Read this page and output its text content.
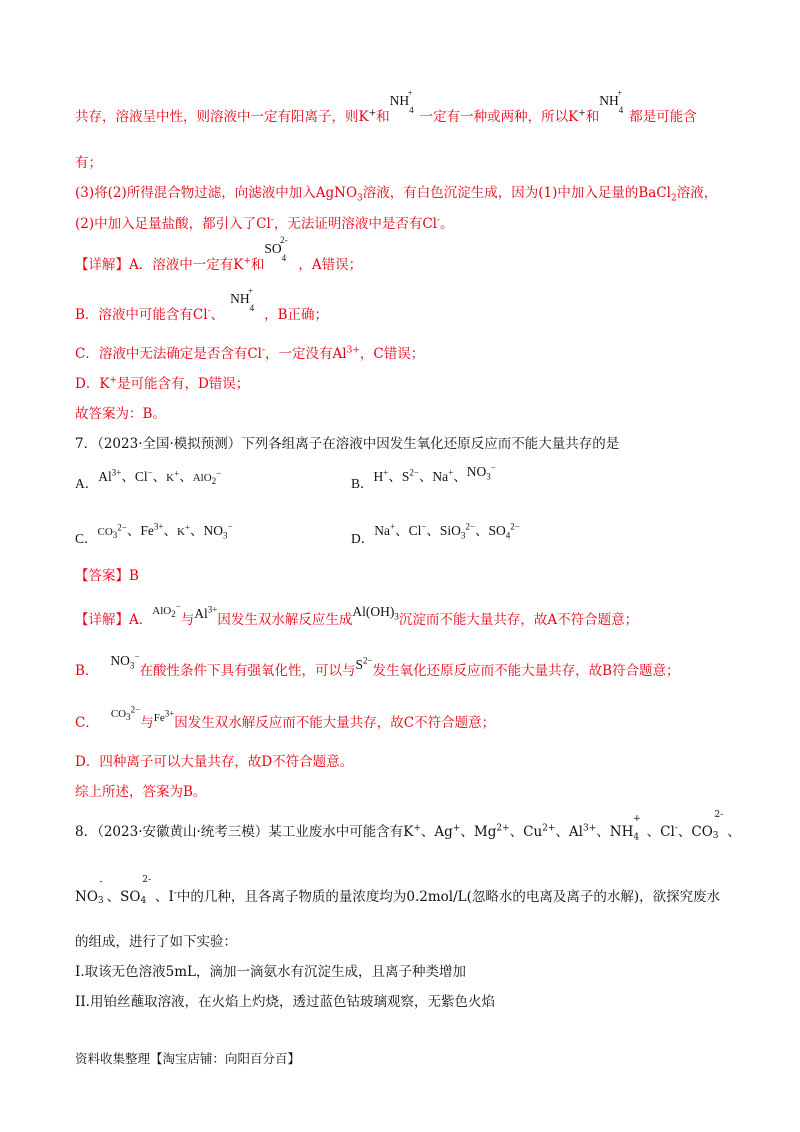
共存，溶液呈中性，则溶液中一定有阳离子，则K+和$NH_4^+$一定有一种或两种，所以K+和$NH_4^+$都是可能含
有；
(3)将(2)所得混合物过滤，向滤液中加入AgNO$_3$溶液，有白色沉淀生成，因为(1)中加入足量的BaCl$_2$溶液，
(2)中加入足量盐酸，都引入了Cl-，无法证明溶液中是否有Cl-。
【详解】A．溶液中一定有K+和$SO_4^{2-}$，A错误；
B．溶液中可能含有Cl-、$NH_4^+$，B正确；
C．溶液中无法确定是否含有Cl-，一定没有$Al^{3+}$，C错误；
D．K+是可能含有，D错误；
故答案为：B。
7．（2023·全国·模拟预测）下列各组离子在溶液中因发生氧化还原反应而不能大量共存的是
A．$Al^{3+}$、Cl−、K+、AlO$_2$−
B．H+、$S^{2-}$、Na+、$NO_3^-$
C．$CO_3^{2-}$、$Fe^{3+}$、K+、$NO_3^-$
D．Na+、Cl−、SiO$_3^{2-}$、$SO_4^{2-}$
【答案】B
【详解】A．$^{AlO_2^-}$与$Al^{3+}$因发生双水解反应生成$Al(OH)_3$沉淀而不能大量共存，故A不符合题意；
B．$NO_3^-$在酸性条件下具有强氧化性，可以与$S^{2-}$发生氧化还原反应而不能大量共存，故B符合题意；
C．$^{CO_3^{2-}}$与$^{Fe^{3+}}$因发生双水解反应而不能大量共存，故C不符合题意；
D．四种离子可以大量共存，故D不符合题意。
综上所述，答案为B。
8．（2023·安徽黄山·统考三模）某工业废水中可能含有K+、Ag+、$Mg^{2+}$、$Cu^{2+}$、$Al^{3+}$、$NH_4^+$、Cl-、$CO_3^{2-}$、
$NO_3^-$、$SO_4^{2-}$、I-中的几种，且各离子物质的量浓度均为0.2mol/L(忽略水的电离及离子的水解)，欲探究废水
的组成，进行了如下实验：
I.取该无色溶液5mL，滴加一滴氨水有沉淀生成，且离子种类增加
II.用铂丝蘸取溶液，在火焰上灼烧，透过蓝色钴玻璃观察，无紫色火焰
资料收集整理【淘宝店铺：向阳百分百】
